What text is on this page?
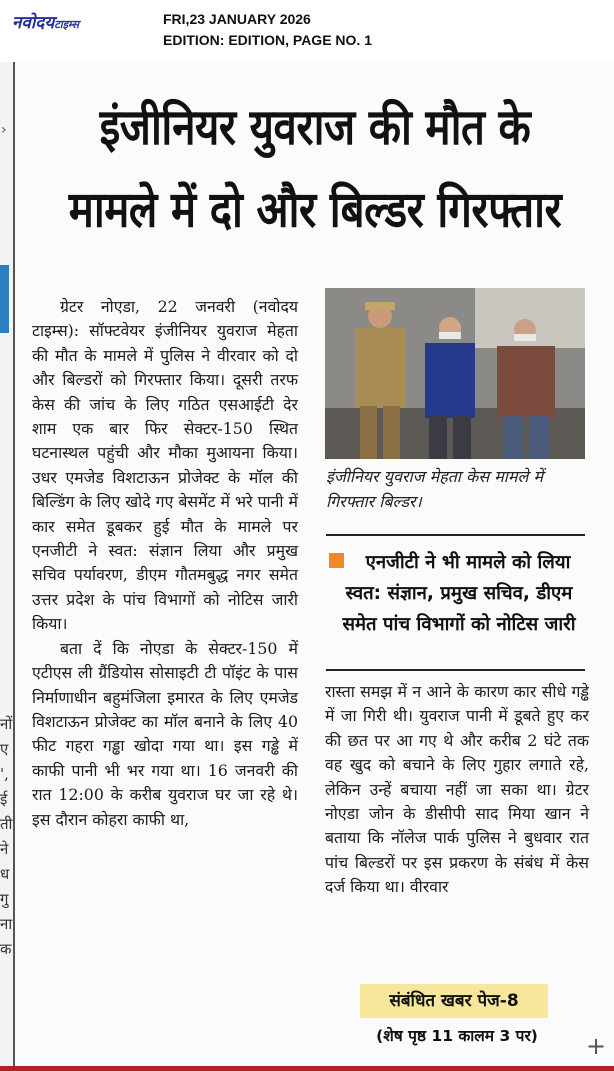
नवोदयटाइम्स	FRI,23 JANUARY 2026
EDITION: EDITION, PAGE NO. 1
›
नों
ए
',
ई
ती
ने
ध
गु
ना
क
इंजीनियर युवराज की मौत के
मामले में दो और बिल्डर गिरफ्तार

ग्रेटर नोएडा, 22 जनवरी (नवोदय टाइम्स): सॉफ्टवेयर इंजीनियर युवराज मेहता की मौत के मामले में पुलिस ने वीरवार को दो और बिल्डरों को गिरफ्तार किया। दूसरी तरफ केस की जांच के लिए गठित एसआईटी देर शाम एक बार फिर सेक्टर-150 स्थित घटनास्थल पहुंची और मौका मुआयना किया। उधर एमजेड विशटाऊन प्रोजेक्ट के मॉल की बिल्डिंग के लिए खोदे गए बेसमेंट में भरे पानी में कार समेत डूबकर हुई मौत के मामले पर एनजीटी ने स्वत: संज्ञान लिया और प्रमुख सचिव पर्यावरण, डीएम गौतमबुद्ध नगर समेत उत्तर प्रदेश के पांच विभागों को नोटिस जारी किया।

बता दें कि नोएडा के सेक्टर-150 में एटीएस ली ग्रैंडियोस सोसाइटी टी पॉइंट के पास निर्माणाधीन बहुमंजिला इमारत के लिए एमजेड विशटाऊन प्रोजेक्ट का मॉल बनाने के लिए 40 फीट गहरा गड्ढा खोदा गया था। इस गड्ढे में काफी पानी भी भर गया था। 16 जनवरी की रात 12:00 के करीब युवराज घर जा रहे थे। इस दौरान कोहरा काफी था,

इंजीनियर युवराज मेहता केस मामले में गिरफ्तार बिल्डर।
एनजीटी ने भी मामले को लिया
स्वत: संज्ञान, प्रमुख सचिव, डीएम
समेत पांच विभागों को नोटिस जारी
रास्ता समझ में न आने के कारण कार सीधे गड्ढे में जा गिरी थी। युवराज पानी में डूबते हुए कर की छत पर आ गए थे और करीब 2 घंटे तक वह खुद को बचाने के लिए गुहार लगाते रहे, लेकिन उन्हें बचाया नहीं जा सका था। ग्रेटर नोएडा जोन के डीसीपी साद मिया खान ने बताया कि नॉलेज पार्क पुलिस ने बुधवार रात पांच बिल्डरों पर इस प्रकरण के संबंध में केस दर्ज किया था। वीरवार
संबंधित खबर पेज-8
(शेष पृष्ठ 11 कालम 3 पर)	+
